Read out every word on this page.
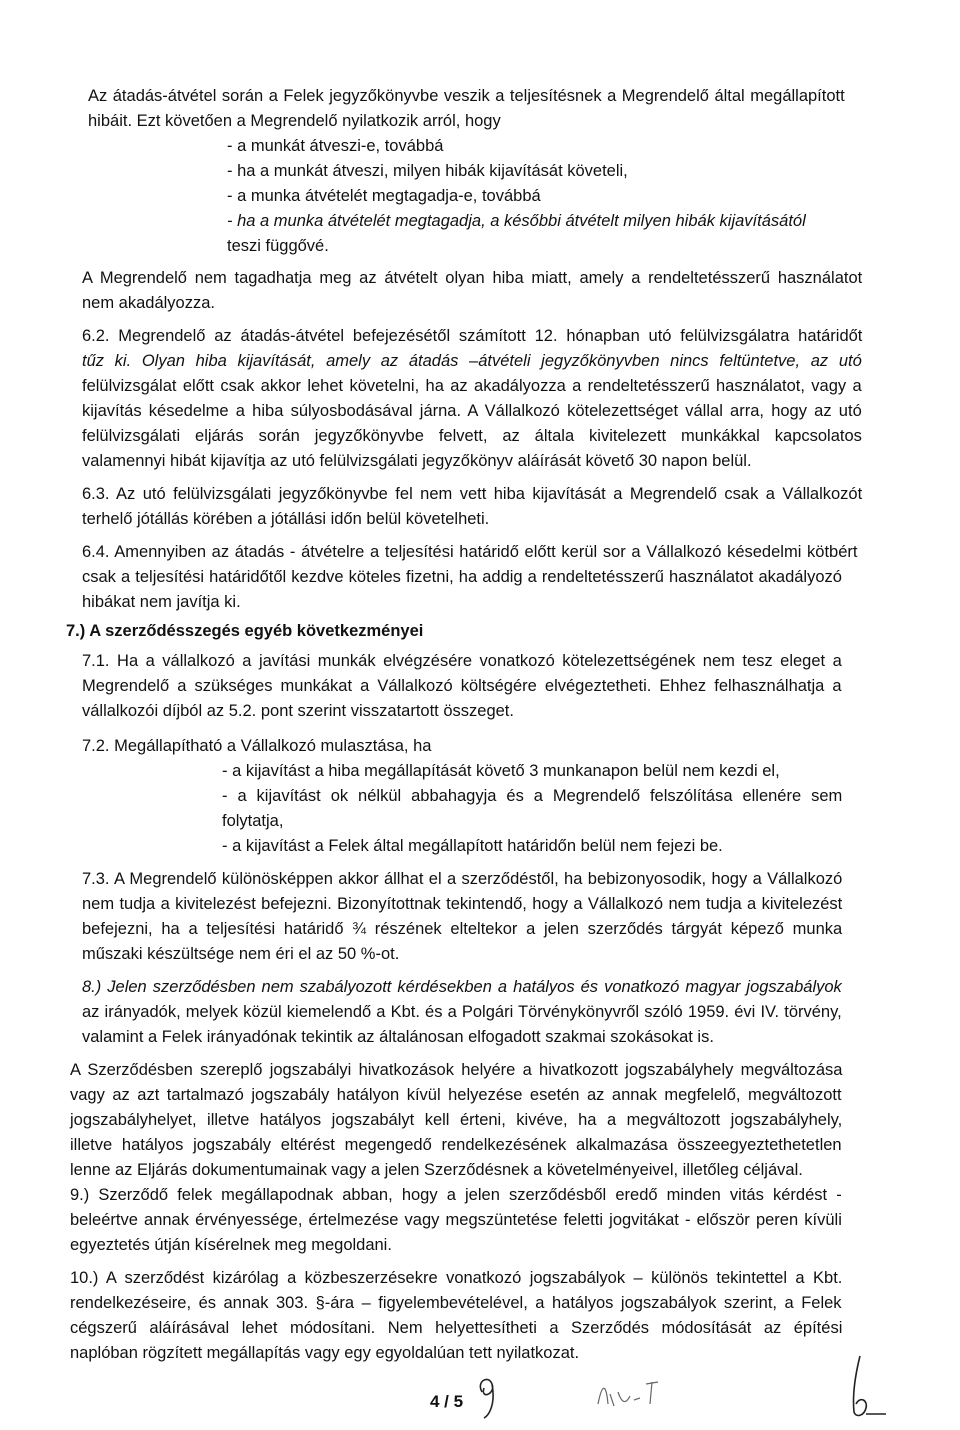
Az átadás-átvétel során a Felek jegyzőkönyvbe veszik a teljesítésnek a Megrendelő által megállapított
hibáit. Ezt követően a Megrendelő nyilatkozik arról, hogy
- a munkát átveszi-e, továbbá
- ha a munkát átveszi, milyen hibák kijavítását követeli,
- a munka átvételét megtagadja-e, továbbá
- ha a munka átvételét megtagadja, a későbbi átvételt milyen hibák kijavításától
teszi függővé.
A Megrendelő nem tagadhatja meg az átvételt olyan hiba miatt, amely a rendeltetésszerű használatot
nem akadályozza.
6.2. Megrendelő az átadás-átvétel befejezésétől számított 12. hónapban utó felülvizsgálatra határidőt
tűz ki. Olyan hiba kijavítását, amely az átadás –átvételi jegyzőkönyvben nincs feltüntetve, az utó
felülvizsgálat előtt csak akkor lehet követelni, ha az akadályozza a rendeltetésszerű használatot, vagy a
kijavítás késedelme a hiba súlyosbodásával járna. A Vállalkozó kötelezettséget vállal arra, hogy az utó
felülvizsgálati eljárás során jegyzőkönyvbe felvett, az általa kivitelezett munkákkal kapcsolatos
valamennyi hibát kijavítja az utó felülvizsgálati jegyzőkönyv aláírását követő 30 napon belül.
6.3. Az utó felülvizsgálati jegyzőkönyvbe fel nem vett hiba kijavítását a Megrendelő csak a Vállalkozót
terhelő jótállás körében a jótállási időn belül követelheti.
6.4. Amennyiben az átadás - átvételre a teljesítési határidő előtt kerül sor a Vállalkozó késedelmi kötbért
csak a teljesítési határidőtől kezdve köteles fizetni, ha addig a rendeltetésszerű használatot akadályozó
hibákat nem javítja ki.
7.) A szerződésszegés egyéb következményei
7.1. Ha a vállalkozó a javítási munkák elvégzésére vonatkozó kötelezettségének nem tesz eleget a
Megrendelő a szükséges munkákat a Vállalkozó költségére elvégeztetheti. Ehhez felhasználhatja a
vállalkozói díjból az 5.2. pont szerint visszatartott összeget.
7.2. Megállapítható a Vállalkozó mulasztása, ha
- a kijavítást a hiba megállapítását követő 3 munkanapon belül nem kezdi el,
- a kijavítást ok nélkül abbahagyja és a Megrendelő felszólítása ellenére sem
folytatja,
- a kijavítást a Felek által megállapított határidőn belül nem fejezi be.
7.3. A Megrendelő különösképpen akkor állhat el a szerződéstől, ha bebizonyosodik, hogy a Vállalkozó
nem tudja a kivitelezést befejezni. Bizonyítottnak tekintendő, hogy a Vállalkozó nem tudja a kivitelezést
befejezni, ha a teljesítési határidő ¾ részének eltelte​kor a jelen szerződés tárgyát képező munka
műszaki készültsége nem éri el az 50 %-ot.
8.) Jelen szerződésben nem szabályozott kérdésekben a hatályos és vonatkozó magyar jogszabályok
az irányadók, melyek közül kiemelendő a Kbt. és a Polgári Törvénykönyvről szóló 1959. évi IV. törvény,
valamint a Felek irányadónak tekintik az általánosan elfogadott szakmai szokásokat is.
A Szerződésben szereplő jogszabályi hivatkozások helyére a hivatkozott jogszabályhely megváltozása
vagy az azt tartalmazó jogszabály hatályon kívül helyezése esetén az annak megfelelő, megváltozott
jogszabályhelyet, illetve hatályos jogszabályt kell érteni, kivéve, ha a megváltozott jogszabályhely,
illetve hatályos jogszabály eltérést megengedő rendelkezésének alkalmazása összeegyeztethetetlen
lenne az Eljárás dokumentumainak vagy a jelen Szerződésnek a követelményeivel, illetőleg céljával.
9.) Szerződő felek megállapodnak abban, hogy a jelen szerződésből eredő minden vitás kérdést -
beleértve annak érvényessége, értelmezése vagy megszüntetése feletti jogvitákat - először peren kívüli
egyeztetés útján kísérelnek meg megoldani.
10.) A szerződést kizárólag a közbeszerzésekre vonatkozó jogszabályok – különös tekintettel a Kbt.
rendelkezéseire, és annak 303. §-ára – figyelembevételével, a hatályos jogszabályok szerint, a Felek
cégszerű aláírásával lehet módosítani. Nem helyettesítheti a Szerződés módosítását az építési
naplóban rögzített megállapítás vagy egy egyoldalúan tett nyilatkozat.
4 / 5
